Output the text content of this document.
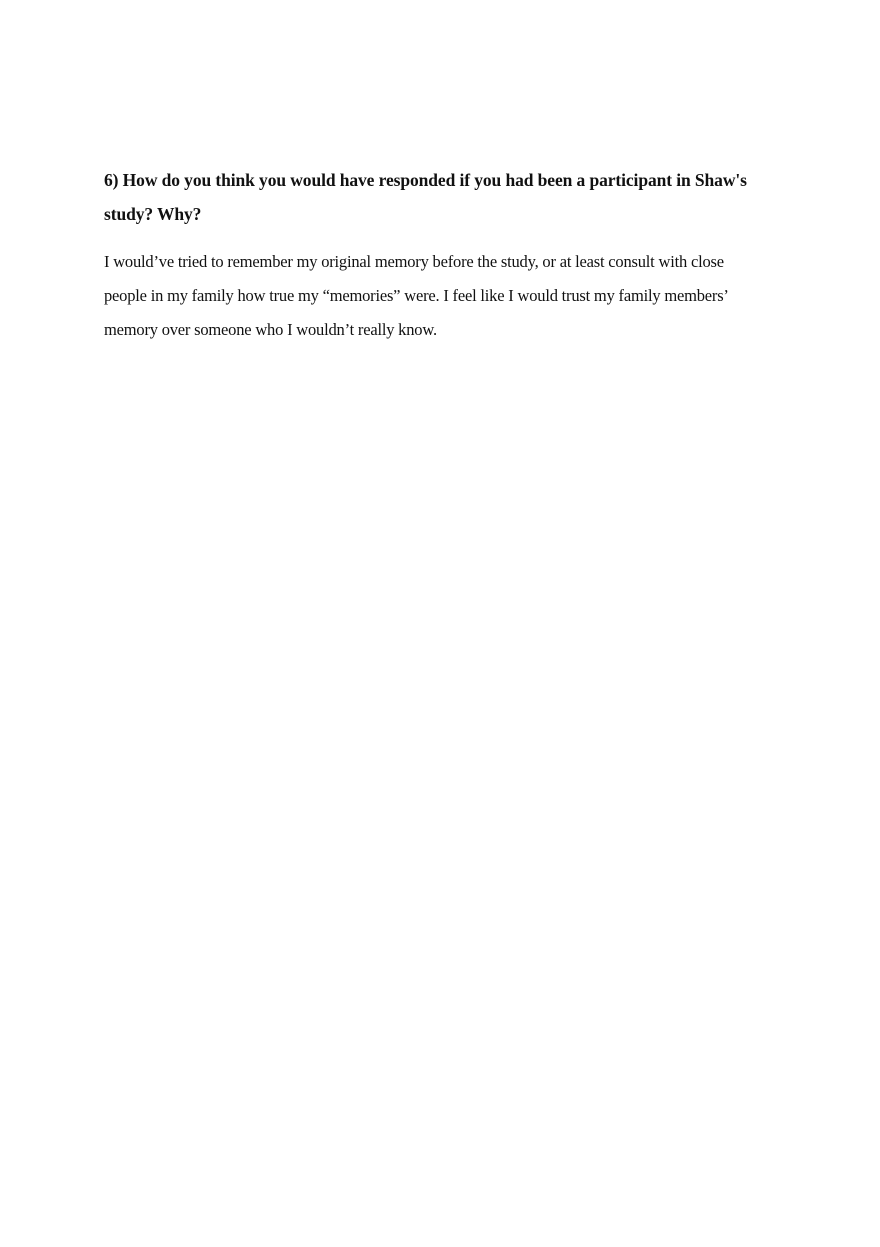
6) How do you think you would have responded if you had been a participant in Shaw's study? Why?

I would’ve tried to remember my original memory before the study, or at least consult with close people in my family how true my “memories” were. I feel like I would trust my family members’ memory over someone who I wouldn’t really know.
